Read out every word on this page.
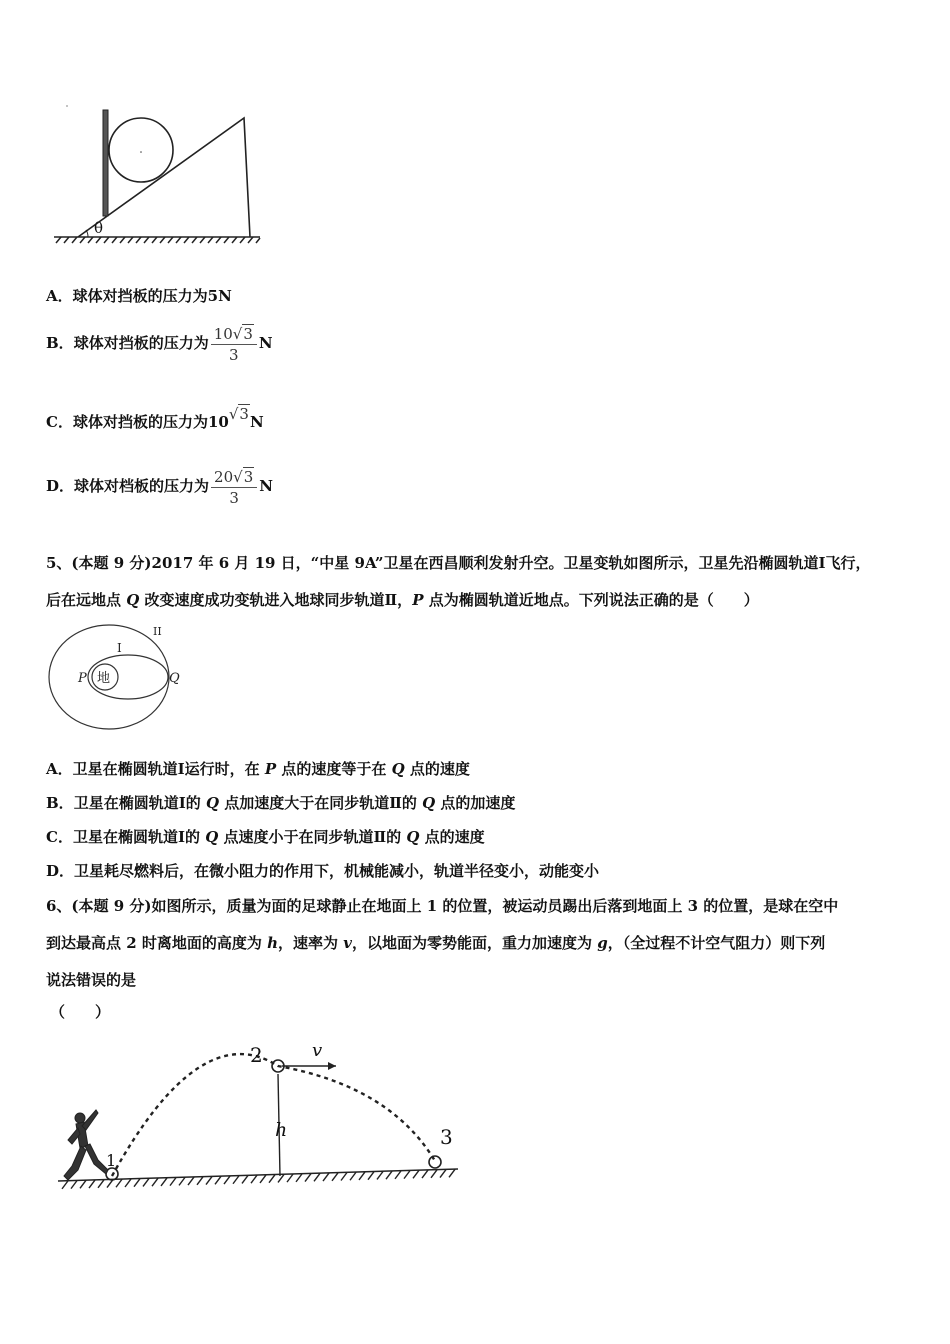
θ
A．球体对挡板的压力为5N
B．球体对挡板的压力为 $\frac{10√3}{3}$ N
C．球体对挡板的压力为10√3N
D．球体对档板的压力为 $\frac{20√3}{3}$ N
5、(本题 9 分)2017 年 6 月 19 日，“中星 9A”卫星在西昌顺利发射升空。卫星变轨如图所示，卫星先沿椭圆轨道Ⅰ飞行，
后在远地点 Q 改变速度成功变轨进入地球同步轨道Ⅱ，P 点为椭圆轨道近地点。下列说法正确的是（　　）
地
I
II
P	Q
A．卫星在椭圆轨道Ⅰ运行时，在 P 点的速度等于在 Q 点的速度
B．卫星在椭圆轨道Ⅰ的 Q 点加速度大于在同步轨道Ⅱ的 Q 点的加速度
C．卫星在椭圆轨道Ⅰ的 Q 点速度小于在同步轨道Ⅱ的 Q 点的速度
D．卫星耗尽燃料后，在微小阻力的作用下，机械能减小，轨道半径变小，动能变小
6、(本题 9 分)如图所示，质量为面的足球静止在地面上 1 的位置，被运动员踢出后落到地面上 3 的位置，是球在空中
到达最高点 2 时离地面的高度为 h，速率为 v，以地面为零势能面，重力加速度为 g，（全过程不计空气阻力）则下列
说法错误的是
（　　）
1
2
3
h
v
